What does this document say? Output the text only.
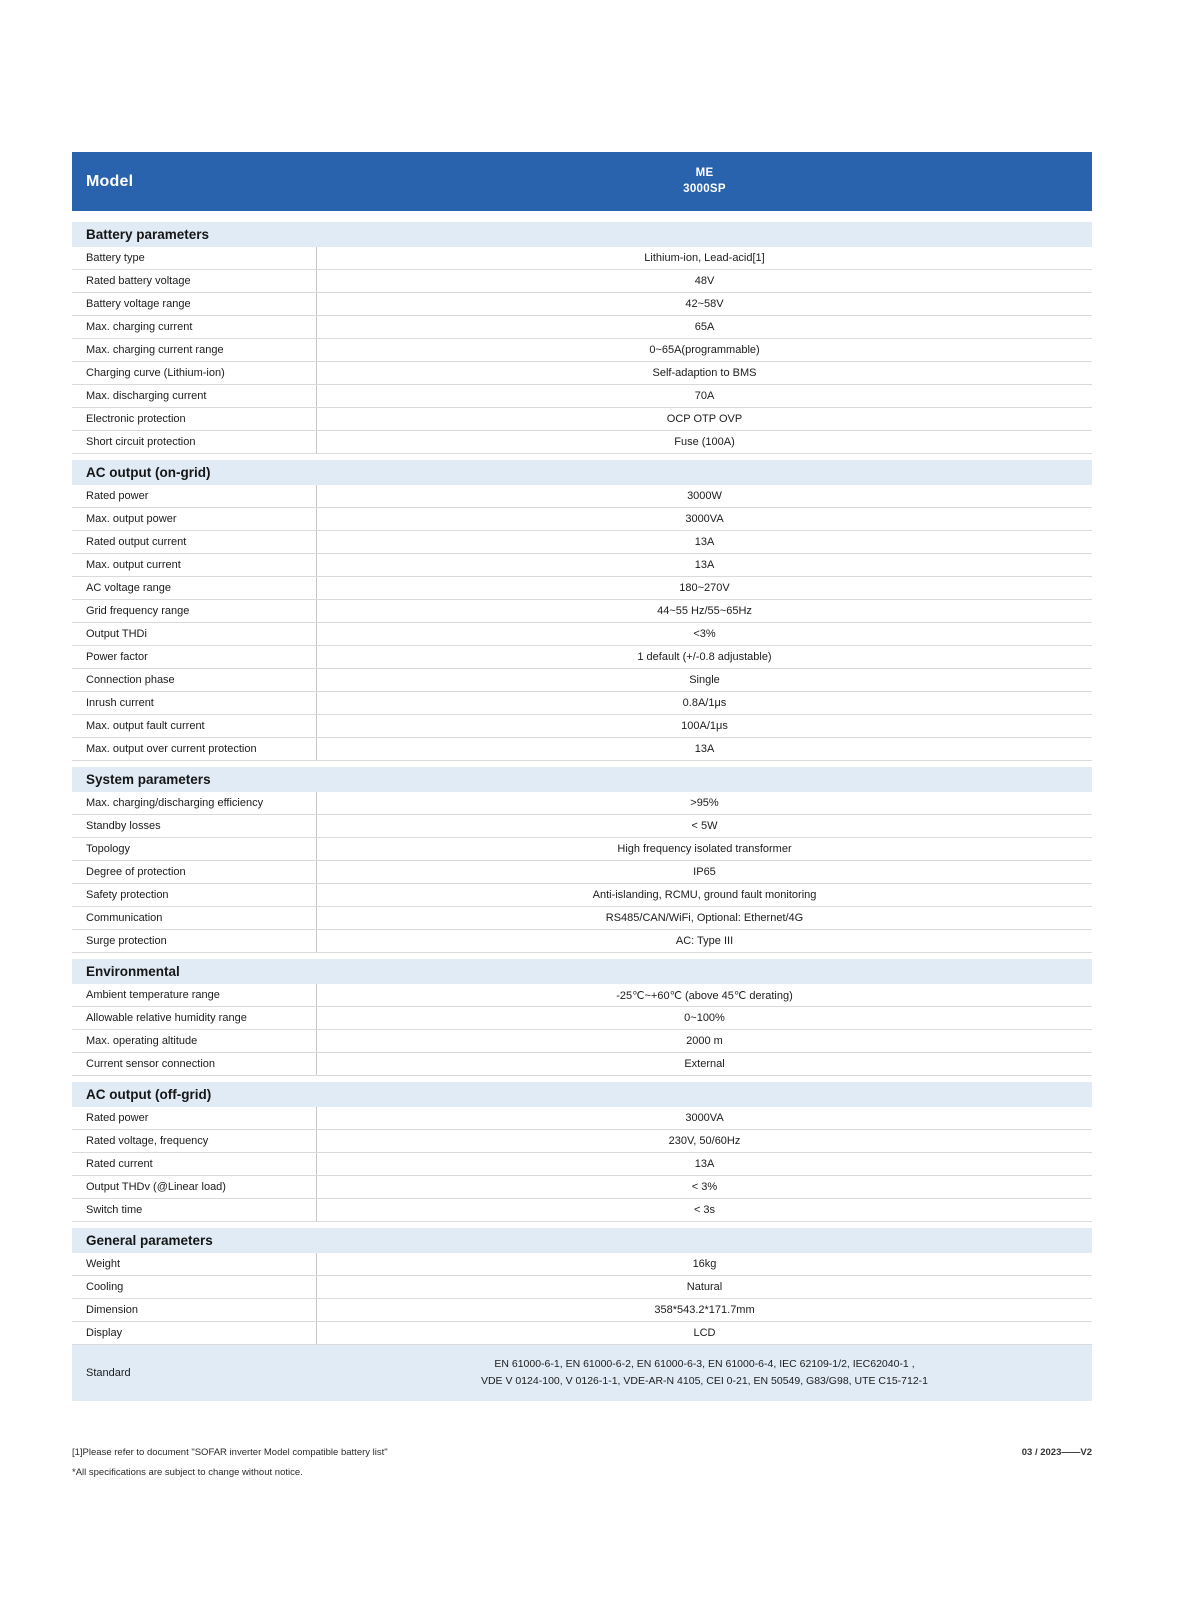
Model	ME
3000SP
Battery parameters
Battery type	Lithium-ion, Lead-acid[1]
Rated battery voltage	48V
Battery voltage range	42~58V
Max. charging current	65A
Max. charging current range	0~65A(programmable)
Charging curve (Lithium-ion)	Self-adaption to BMS
Max. discharging current	70A
Electronic protection	OCP OTP OVP
Short circuit protection	Fuse (100A)
AC output (on-grid)
Rated power	3000W
Max. output power	3000VA
Rated output current	13A
Max. output current	13A
AC voltage range	180~270V
Grid frequency range	44~55 Hz/55~65Hz
Output THDi	<3%
Power factor	1 default (+/-0.8 adjustable)
Connection phase	Single
Inrush current	0.8A/1μs
Max. output fault current	100A/1μs
Max. output over current protection	13A
System parameters
Max. charging/discharging efficiency	>95%
Standby losses	< 5W
Topology	High frequency isolated transformer
Degree of protection	IP65
Safety protection	Anti-islanding, RCMU, ground fault monitoring
Communication	RS485/CAN/WiFi, Optional: Ethernet/4G
Surge protection	AC: Type III
Environmental
Ambient temperature range	-25℃~+60℃ (above 45℃ derating)
Allowable relative humidity range	0~100%
Max. operating altitude	2000 m
Current sensor connection	External
AC output (off-grid)
Rated power	3000VA
Rated voltage, frequency	230V, 50/60Hz
Rated current	13A
Output THDv (@Linear load)	< 3%
Switch time	< 3s
General parameters
Weight	16kg
Cooling	Natural
Dimension	358*543.2*171.7mm
Display	LCD
Standard
EN 61000-6-1, EN 61000-6-2, EN 61000-6-3, EN 61000-6-4, IEC 62109-1/2, IEC62040-1 ,
VDE V 0124-100, V 0126-1-1, VDE-AR-N 4105, CEI 0-21, EN 50549, G83/G98, UTE C15-712-1
[1]Please refer to document "SOFAR inverter Model compatible battery list"	03 / 2023——V2
*All specifications are subject to change without notice.
